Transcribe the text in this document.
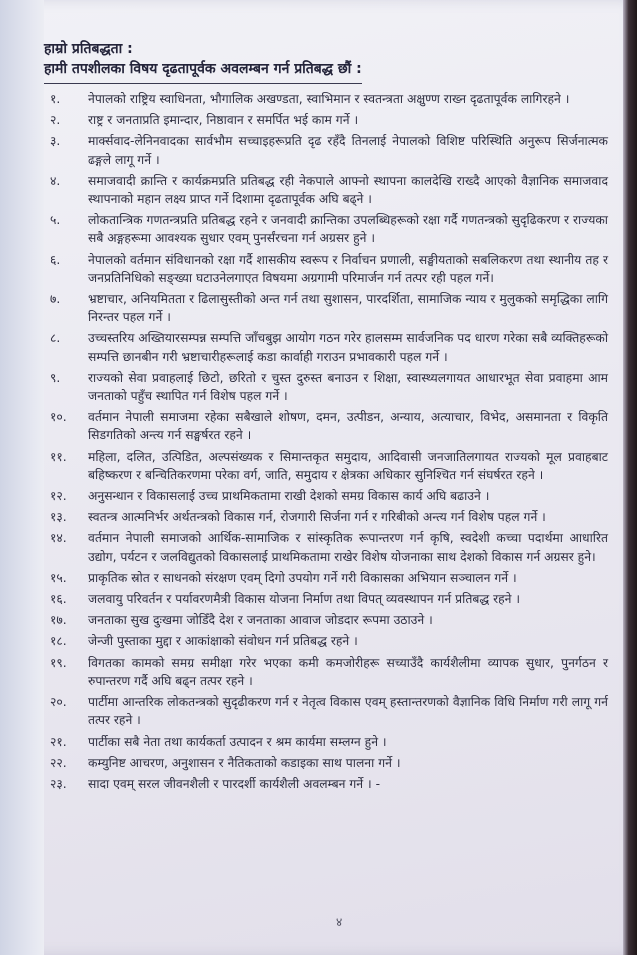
हाम्रो प्रतिबद्धता :

हामी तपशीलका विषय दृढतापूर्वक अवलम्बन गर्न प्रतिबद्ध छौं :

१.	नेपालको राष्ट्रिय स्वाधिनता, भौगालिक अखण्डता, स्वाभिमान र स्वतन्त्रता अक्षुण्ण राख्न दृढतापूर्वक लागिरहने ।
२.	राष्ट्र र जनताप्रति इमान्दार, निष्ठावान र समर्पित भई काम गर्ने ।
३.	मार्क्सवाद-लेनिनवादका सार्वभौम सच्चाइहरूप्रति दृढ रहँदै तिनलाई नेपालको विशिष्ट परिस्थिति अनुरूप सिर्जनात्मक ढङ्गले लागू गर्ने ।
४.	समाजवादी क्रान्ति र कार्यक्रमप्रति प्रतिबद्ध रही नेकपाले आफ्नो स्थापना कालदेखि राख्दै आएको वैज्ञानिक समाजवाद स्थापनाको महान लक्ष्य प्राप्त गर्ने दिशामा दृढतापूर्वक अघि बढ्ने ।
५.	लोकतान्त्रिक गणतन्त्रप्रति प्रतिबद्ध रहने र जनवादी क्रान्तिका उपलब्धिहरूको रक्षा गर्दै गणतन्त्रको सुदृढिकरण र राज्यका सबै अङ्गहरूमा आवश्यक सुधार एवम् पुनर्संरचना गर्न अग्रसर हुने ।
६.	नेपालको वर्तमान संविधानको रक्षा गर्दै शासकीय स्वरूप र निर्वाचन प्रणाली, सङ्घीयताको सबलिकरण तथा स्थानीय तह र जनप्रतिनिधिको सङ्ख्या घटाउनेलगाएत विषयमा अग्रगामी परिमार्जन गर्न तत्पर रही पहल गर्ने।
७.	भ्रष्टाचार, अनियमितता र ढिलासुस्तीको अन्त गर्न तथा सुशासन, पारदर्शिता, सामाजिक न्याय र मुलुकको समृद्धिका लागि निरन्तर पहल गर्ने ।
८.	उच्चस्तरिय अख्तियारसम्पन्न सम्पत्ति जाँचबुझ आयोग गठन गरेर हालसम्म सार्वजनिक पद धारण गरेका सबै व्यक्तिहरूको सम्पत्ति छानबीन गरी भ्रष्टाचारीहरूलाई कडा कार्वाही गराउन प्रभावकारी पहल गर्ने ।
९.	राज्यको सेवा प्रवाहलाई छिटो, छरितो र चुस्त दुरुस्त बनाउन र शिक्षा, स्वास्थ्यलगायत आधारभूत सेवा प्रवाहमा आम जनताको पहुँच स्थापित गर्न विशेष पहल गर्ने ।
१०.	वर्तमान नेपाली समाजमा रहेका सबैखाले शोषण, दमन, उत्पीडन, अन्याय, अत्याचार, विभेद, असमानता र विकृति सिडगतिको अन्त्य गर्न सङ्घर्षरत रहने ।
११.	महिला, दलित, उत्पिडित, अल्पसंख्यक र सिमान्तकृत समुदाय, आदिवासी जनजातिलगायत राज्यको मूल प्रवाहबाट बहिष्करण र बन्चितिकरणमा परेका वर्ग, जाति, समुदाय र क्षेत्रका अधिकार सुनिश्चित गर्न संघर्षरत रहने ।
१२.	अनुसन्धान र विकासलाई उच्च प्राथमिकतामा राखी देशको समग्र विकास कार्य अघि बढाउने ।
१३.	स्वतन्त्र आत्मनिर्भर अर्थतन्त्रको विकास गर्न, रोजगारी सिर्जना गर्न र गरिबीको अन्त्य गर्न विशेष पहल गर्ने ।
१४.	वर्तमान नेपाली समाजको आर्थिक-सामाजिक र सांस्कृतिक रूपान्तरण गर्न कृषि, स्वदेशी कच्चा पदार्थमा आधारित उद्योग, पर्यटन र जलविद्युतको विकासलाई प्राथमिकतामा राखेर विशेष योजनाका साथ देशको विकास गर्न अग्रसर हुने।
१५.	प्राकृतिक स्रोत र साधनको संरक्षण एवम् दिगो उपयोग गर्ने गरी विकासका अभियान सञ्चालन गर्ने ।
१६.	जलवायु परिवर्तन र पर्यावरणमैत्री विकास योजना निर्माण तथा विपत् व्यवस्थापन गर्न प्रतिबद्ध रहने ।
१७.	जनताका सुख दुःखमा जोडिँदै देश र जनताका आवाज जोडदार रूपमा उठाउने ।
१८.	जेन्जी पुस्ताका मुद्दा र आकांक्षाको संवोधन गर्न प्रतिबद्ध रहने ।
१९.	विगतका कामको समग्र समीक्षा गरेर भएका कमी कमजोरीहरू सच्याउँदै कार्यशैलीमा व्यापक सुधार, पुनर्गठन र रुपान्तरण गर्दै अघि बढ्न तत्पर रहने ।
२०.	पार्टीमा आन्तरिक लोकतन्त्रको सुदृढीकरण गर्न र नेतृत्व विकास एवम् हस्तान्तरणको वैज्ञानिक विधि निर्माण गरी लागू गर्न तत्पर रहने ।
२१.	पार्टीका सबै नेता तथा कार्यकर्ता उत्पादन र श्रम कार्यमा सम्लग्न हुने ।
२२.	कम्युनिष्ट आचरण, अनुशासन र नैतिकताको कडाइका साथ पालना गर्ने ।
२३.	सादा एवम् सरल जीवनशैली र पारदर्शी कार्यशैली अवलम्बन गर्ने । -
४
